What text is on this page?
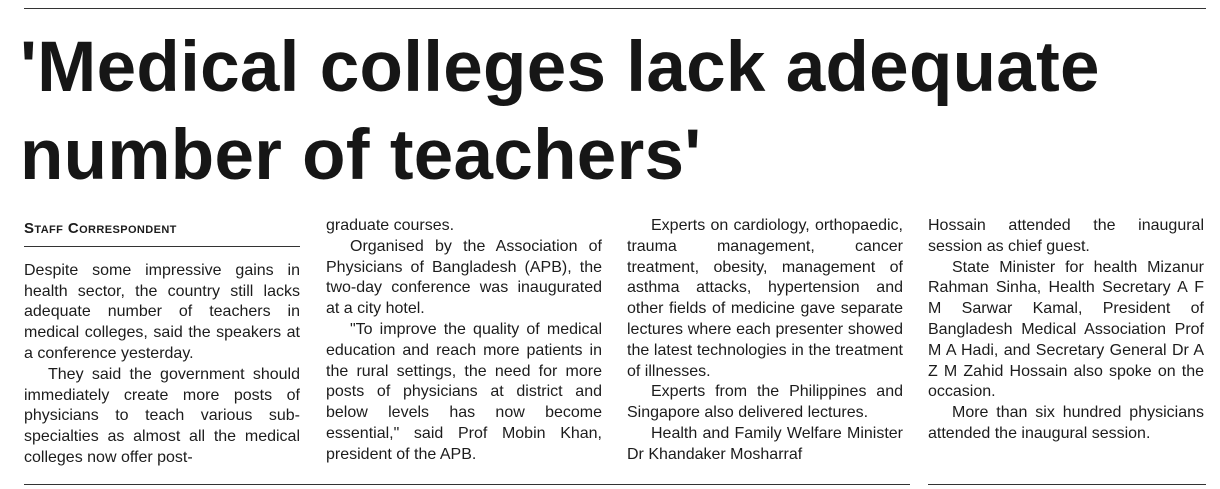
'Medical colleges lack adequate
number of teachers'
Staff Correspondent

Despite some impressive gains in health sector, the country still lacks adequate number of teachers in medical colleges, said the speakers at a conference yesterday.

They said the government should immediately create more posts of physicians to teach various sub-specialties as almost all the medical colleges now offer post-

graduate courses.

Organised by the Association of Physicians of Bangladesh (APB), the two-day conference was inaugurated at a city hotel.

"To improve the quality of medical education and reach more patients in the rural settings, the need for more posts of physicians at district and below levels has now become essential," said Prof Mobin Khan, president of the APB.

Experts on cardiology, orthopaedic, trauma management, cancer treatment, obesity, management of asthma attacks, hypertension and other fields of medicine gave separate lectures where each presenter showed the latest technologies in the treatment of illnesses.

Experts from the Philippines and Singapore also delivered lectures.

Health and Family Welfare Minister Dr Khandaker Mosharraf

Hossain attended the inaugural session as chief guest.

State Minister for health Mizanur Rahman Sinha, Health Secretary A F M Sarwar Kamal, President of Bangladesh Medical Association Prof M A Hadi, and Secretary General Dr A Z M Zahid Hossain also spoke on the occasion.

More than six hundred physicians attended the inaugural session.
